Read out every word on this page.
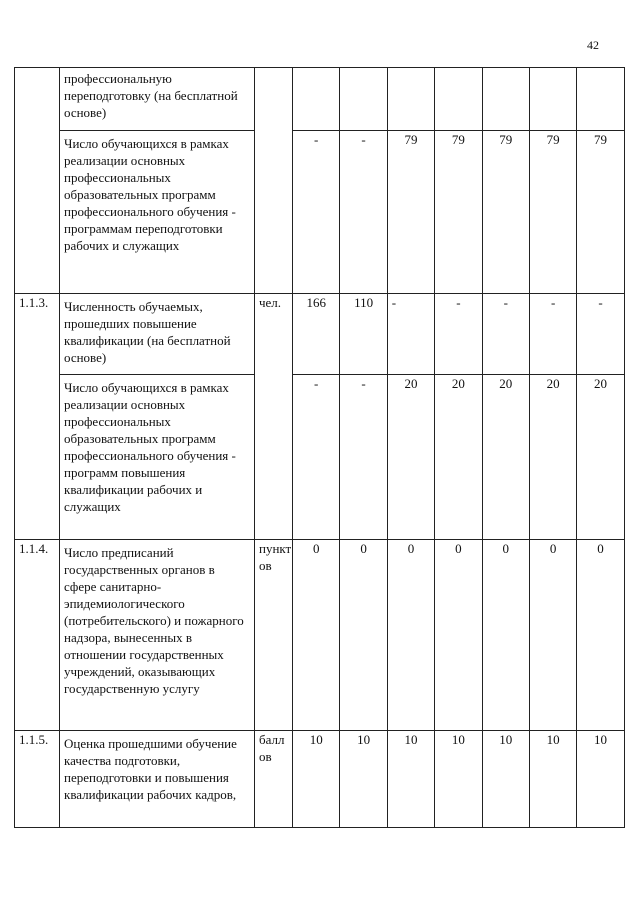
42
	профессиональную переподготовку (на бесплатной основе)								
	Число обучающихся в рамках реализации основных профессиональных образовательных программ профессионального обучения - программам переподготовки рабочих и служащих		-	-	79	79	79	79	79
1.1.3.	Численность обучаемых, прошедших повышение квалификации (на бесплатной основе)	чел.	166	110	-	-	-	-	-
	Число обучающихся в рамках реализации основных профессиональных образовательных программ профессионального обучения - программ повышения квалификации рабочих и служащих		-	-	20	20	20	20	20
1.1.4.	Число предписаний государственных органов в сфере санитарно-эпидемиологического (потребительского) и пожарного надзора, вынесенных в отношении государственных учреждений, оказывающих государственную услугу	пункт ов	0	0	0	0	0	0	0
1.1.5.	Оценка прошедшими обучение качества подготовки, переподготовки и повышения квалификации рабочих кадров,	балл ов	10	10	10	10	10	10	10
